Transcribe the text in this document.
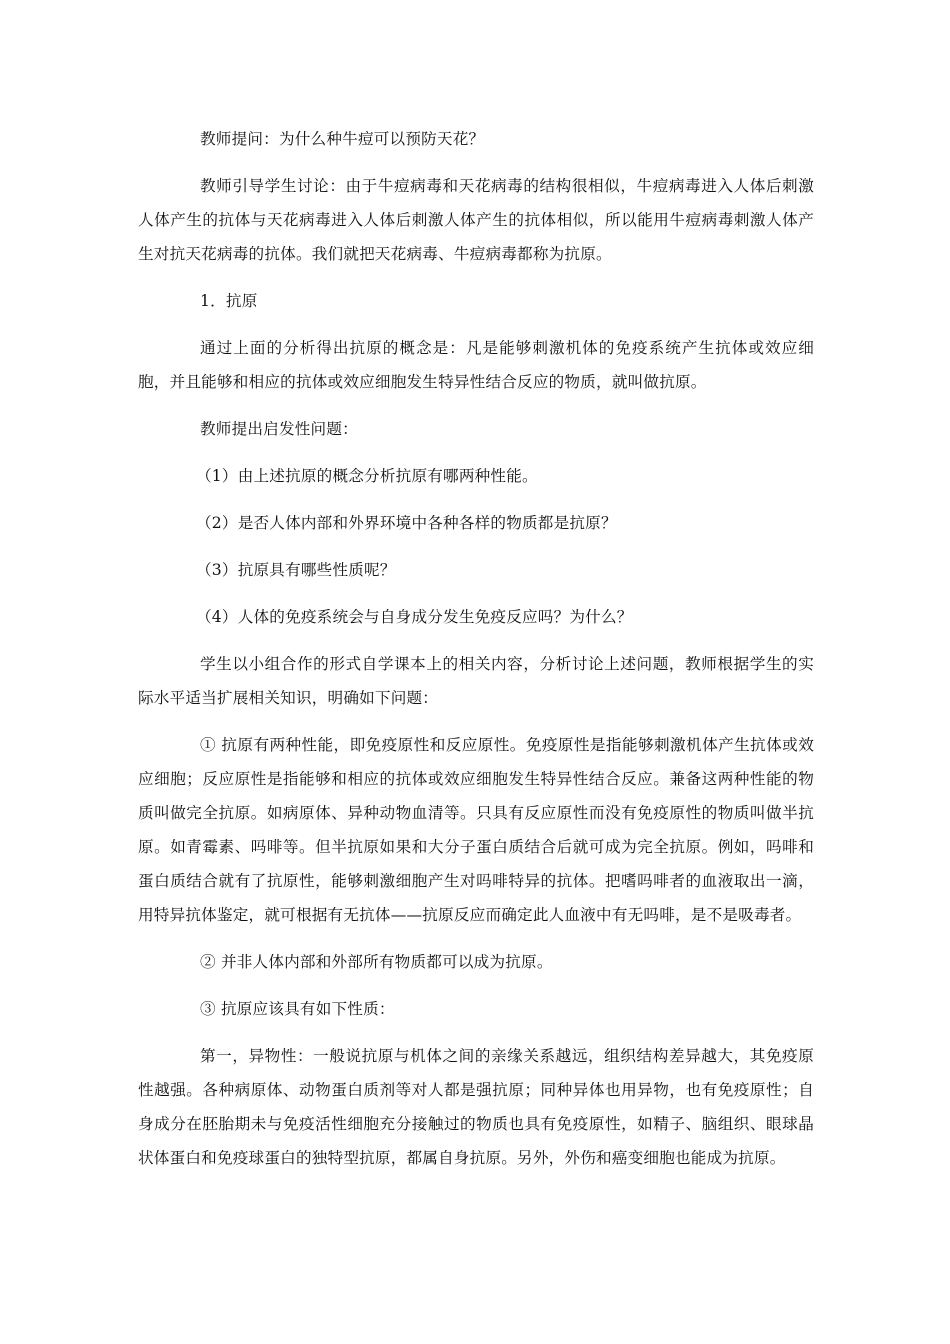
教师提问：为什么种牛痘可以预防天花？

教师引导学生讨论：由于牛痘病毒和天花病毒的结构很相似，牛痘病毒进入人体后刺激人体产生的抗体与天花病毒进入人体后刺激人体产生的抗体相似，所以能用牛痘病毒刺激人体产生对抗天花病毒的抗体。我们就把天花病毒、牛痘病毒都称为抗原。

1．抗原

通过上面的分析得出抗原的概念是：凡是能够刺激机体的免疫系统产生抗体或效应细胞，并且能够和相应的抗体或效应细胞发生特异性结合反应的物质，就叫做抗原。

教师提出启发性问题：

（1）由上述抗原的概念分析抗原有哪两种性能。

（2）是否人体内部和外界环境中各种各样的物质都是抗原？

（3）抗原具有哪些性质呢？

（4）人体的免疫系统会与自身成分发生免疫反应吗？为什么？

学生以小组合作的形式自学课本上的相关内容，分析讨论上述问题，教师根据学生的实际水平适当扩展相关知识，明确如下问题：

① 抗原有两种性能，即免疫原性和反应原性。免疫原性是指能够刺激机体产生抗体或效应细胞；反应原性是指能够和相应的抗体或效应细胞发生特异性结合反应。兼备这两种性能的物质叫做完全抗原。如病原体、异种动物血清等。只具有反应原性而没有免疫原性的物质叫做半抗原。如青霉素、吗啡等。但半抗原如果和大分子蛋白质结合后就可成为完全抗原。例如，吗啡和蛋白质结合就有了抗原性，能够刺激细胞产生对吗啡特异的抗体。把嗜吗啡者的血液取出一滴，用特异抗体鉴定，就可根据有无抗体——抗原反应而确定此人血液中有无吗啡，是不是吸毒者。

② 并非人体内部和外部所有物质都可以成为抗原。

③ 抗原应该具有如下性质：

第一，异物性：一般说抗原与机体之间的亲缘关系越远，组织结构差异越大，其免疫原性越强。各种病原体、动物蛋白质剂等对人都是强抗原；同种异体也用异物，也有免疫原性；自身成分在胚胎期未与免疫活性细胞充分接触过的物质也具有免疫原性，如精子、脑组织、眼球晶状体蛋白和免疫球蛋白的独特型抗原，都属自身抗原。另外，外伤和癌变细胞也能成为抗原。
